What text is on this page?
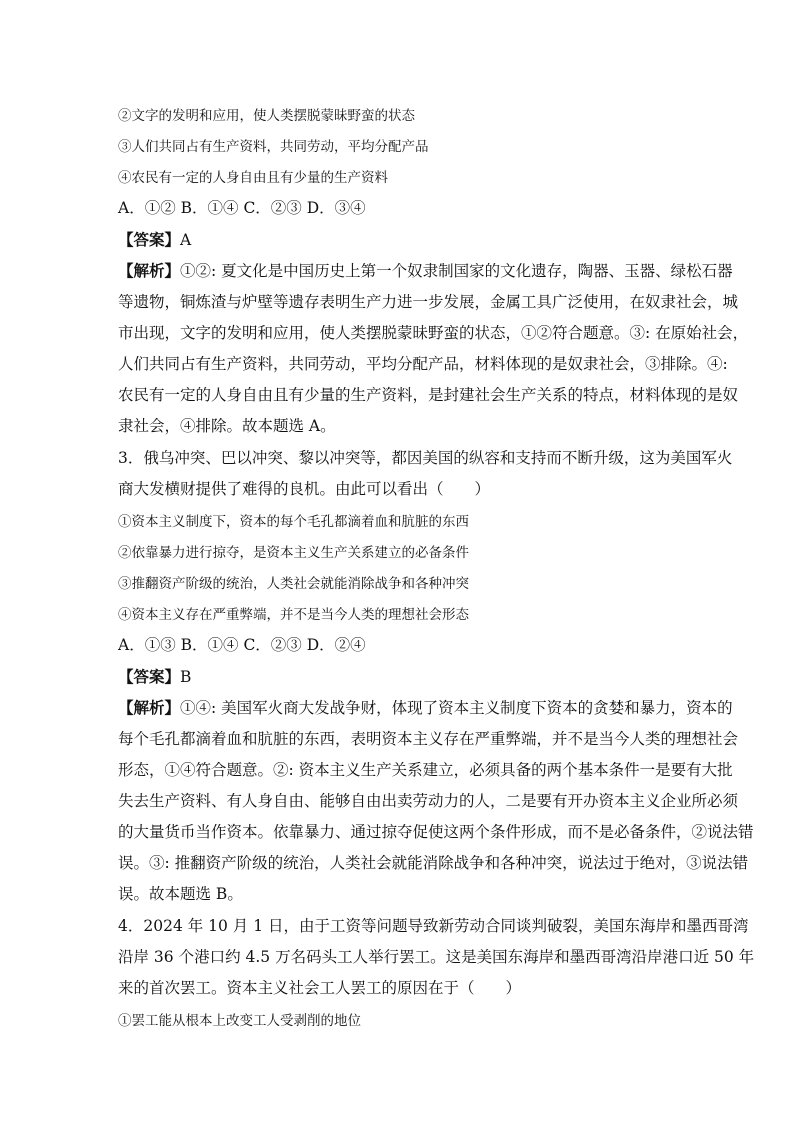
②文字的发明和应用，使人类摆脱蒙昧野蛮的状态
③人们共同占有生产资料，共同劳动，平均分配产品
④农民有一定的人身自由且有少量的生产资料
A．①② B．①④ C．②③ D．③④
【答案】A
【解析】①②: 夏文化是中国历史上第一个奴隶制国家的文化遗存，陶器、玉器、绿松石器
等遗物，铜炼渣与炉壁等遗存表明生产力进一步发展，金属工具广泛使用，在奴隶社会，城
市出现，文字的发明和应用，使人类摆脱蒙昧野蛮的状态，①②符合题意。③: 在原始社会，
人们共同占有生产资料，共同劳动，平均分配产品，材料体现的是奴隶社会，③排除。④:
农民有一定的人身自由且有少量的生产资料，是封建社会生产关系的特点，材料体现的是奴
隶社会，④排除。故本题选 A。
3．俄乌冲突、巴以冲突、黎以冲突等，都因美国的纵容和支持而不断升级，这为美国军火
商大发横财提供了难得的良机。由此可以看出（　　）
①资本主义制度下，资本的每个毛孔都滴着血和肮脏的东西
②依靠暴力进行掠夺，是资本主义生产关系建立的必备条件
③推翻资产阶级的统治，人类社会就能消除战争和各种冲突
④资本主义存在严重弊端，并不是当今人类的理想社会形态
A．①③ B．①④ C．②③ D．②④
【答案】B
【解析】①④: 美国军火商大发战争财，体现了资本主义制度下资本的贪婪和暴力，资本的
每个毛孔都滴着血和肮脏的东西，表明资本主义存在严重弊端，并不是当今人类的理想社会
形态，①④符合题意。②: 资本主义生产关系建立，必须具备的两个基本条件一是要有大批
失去生产资料、有人身自由、能够自由出卖劳动力的人，二是要有开办资本主义企业所必须
的大量货币当作资本。依靠暴力、通过掠夺促使这两个条件形成，而不是必备条件，②说法错
误。③: 推翻资产阶级的统治，人类社会就能消除战争和各种冲突，说法过于绝对，③说法错
误。故本题选 B。
4．2024 年 10 月 1 日，由于工资等问题导致新劳动合同谈判破裂，美国东海岸和墨西哥湾
沿岸 36 个港口约 4.5 万名码头工人举行罢工。这是美国东海岸和墨西哥湾沿岸港口近 50 年
来的首次罢工。资本主义社会工人罢工的原因在于（　　）
①罢工能从根本上改变工人受剥削的地位
